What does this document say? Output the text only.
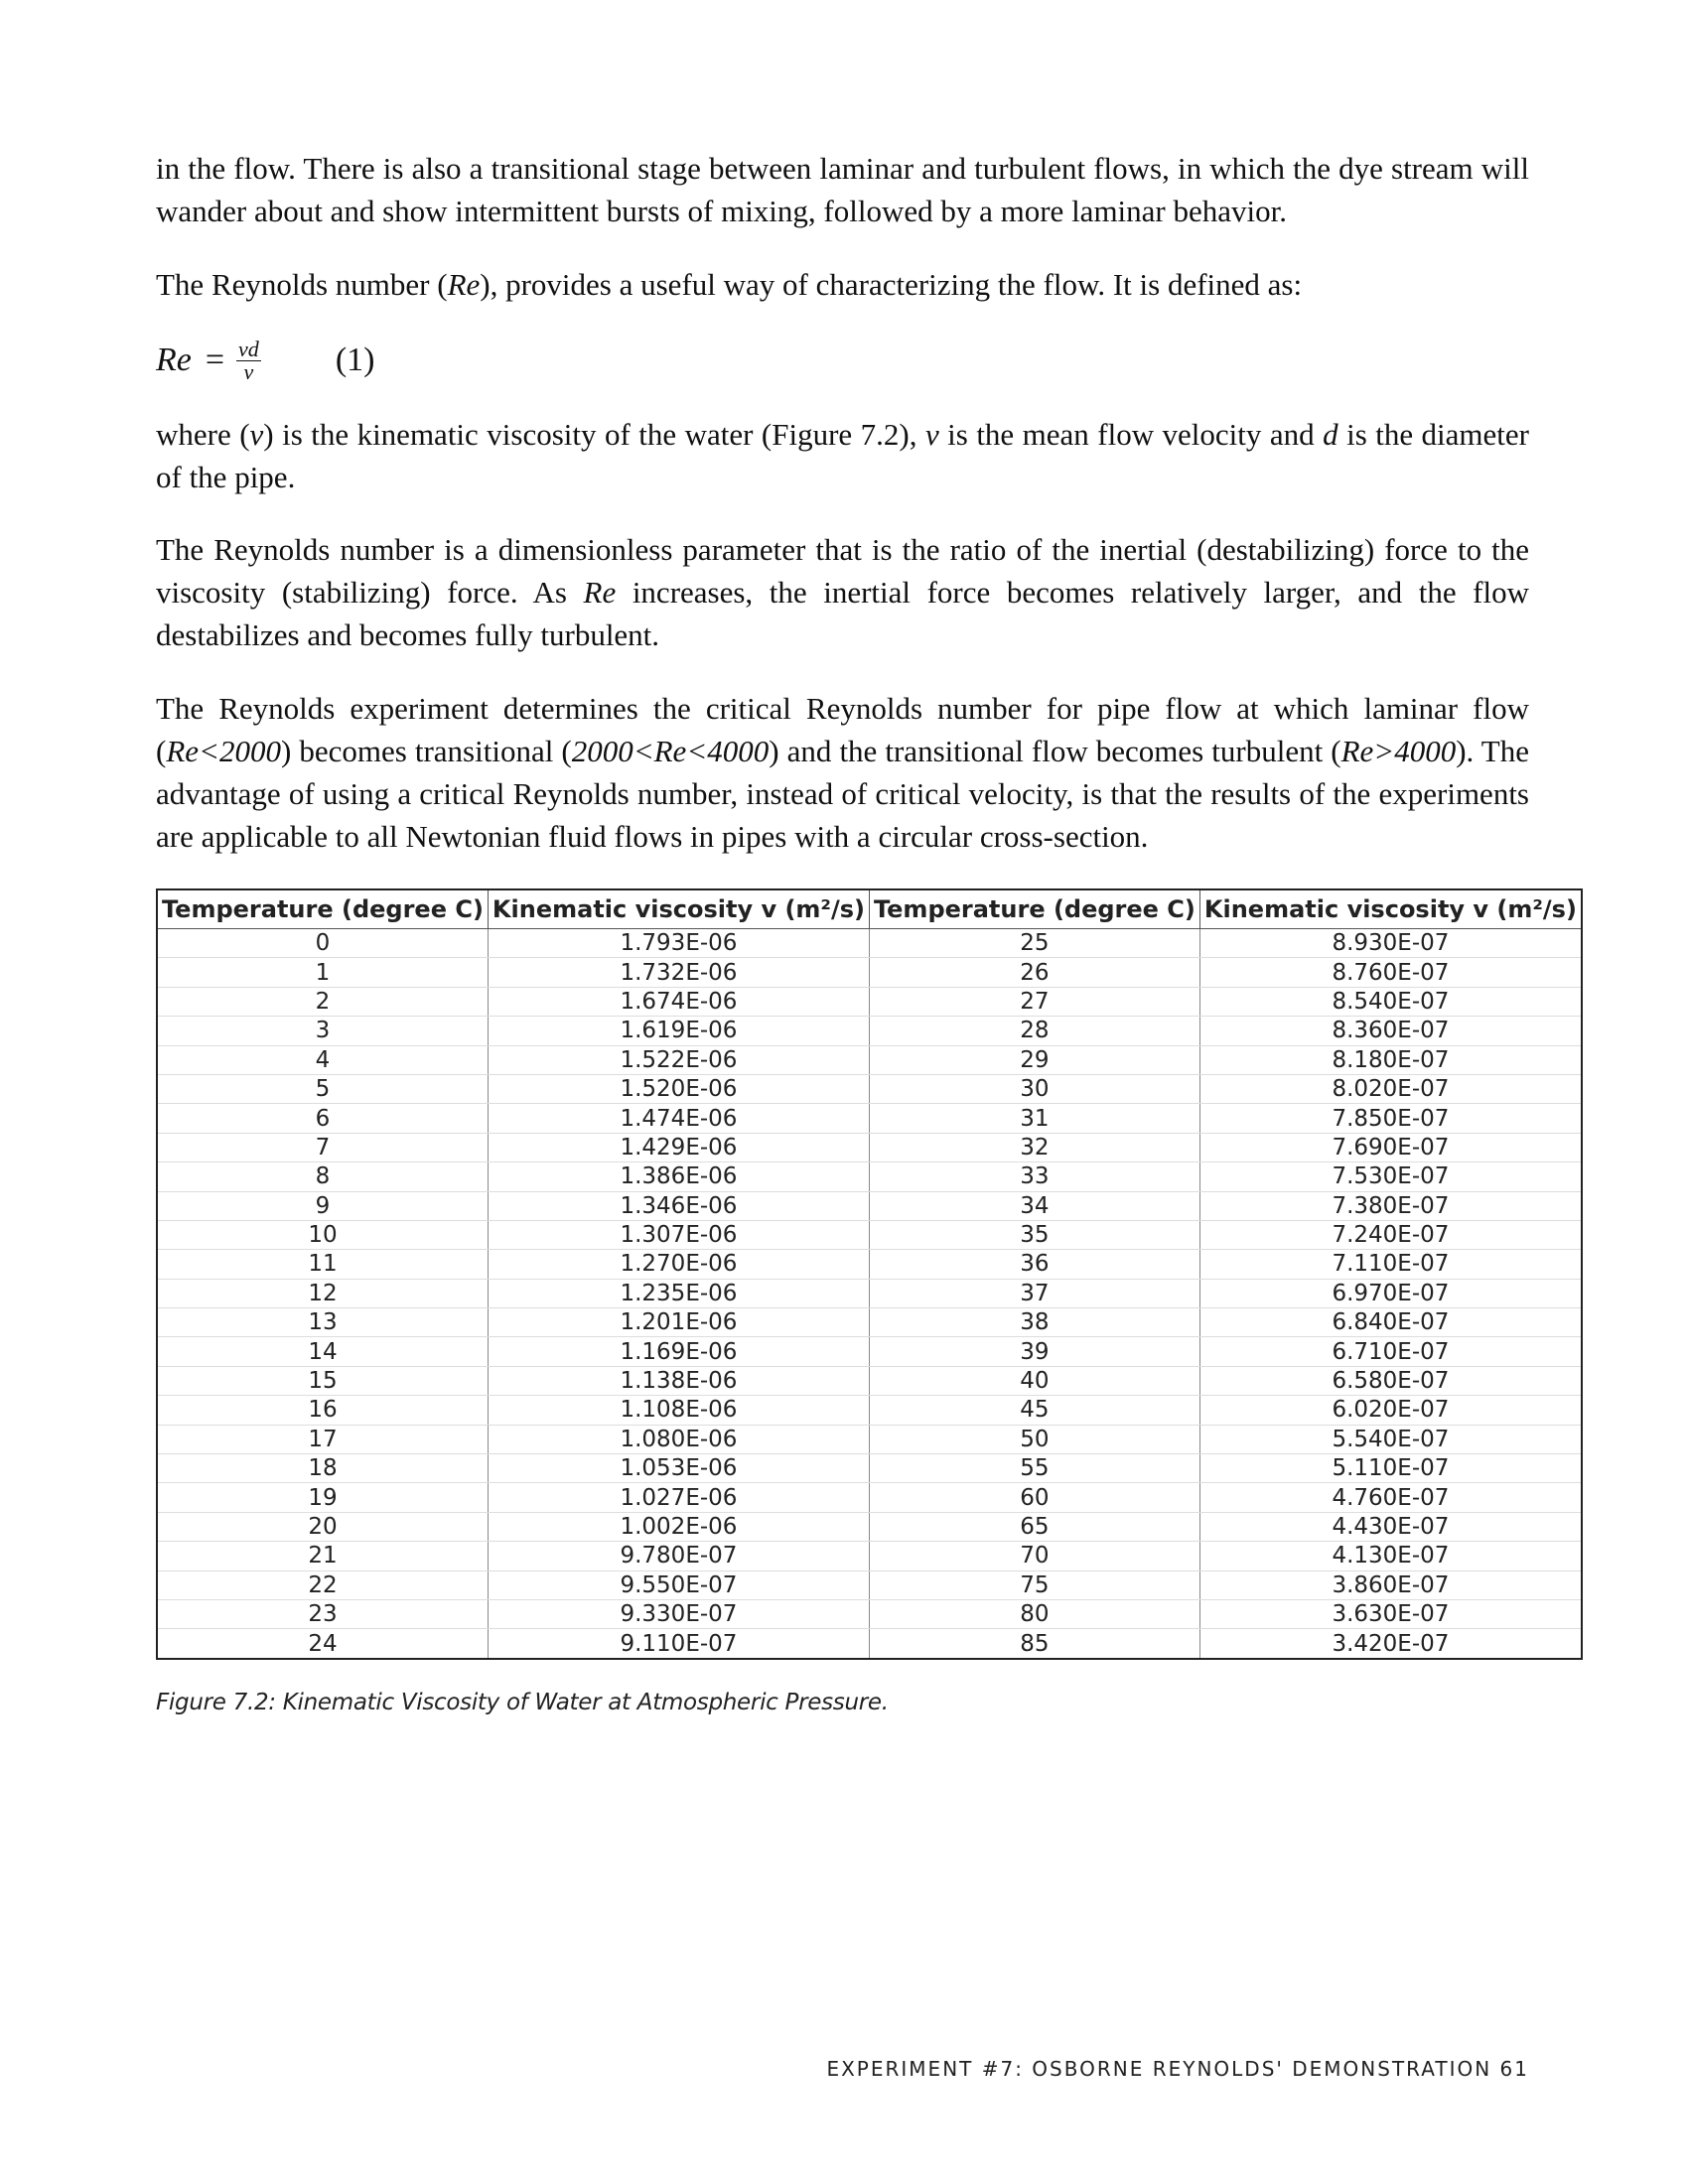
in the flow. There is also a transitional stage between laminar and turbulent flows, in which the dye stream will wander about and show intermittent bursts of mixing, followed by a more laminar behavior.

The Reynolds number (Re), provides a useful way of characterizing the flow. It is defined as:

$Re = \frac{vd}{\nu} (1)$

where (ν) is the kinematic viscosity of the water (Figure 7.2), v is the mean flow velocity and d is the diameter of the pipe.

The Reynolds number is a dimensionless parameter that is the ratio of the inertial (destabilizing) force to the viscosity (stabilizing) force. As Re increases, the inertial force becomes relatively larger, and the flow destabilizes and becomes fully turbulent.

The Reynolds experiment determines the critical Reynolds number for pipe flow at which laminar flow (Re<2000) becomes transitional (2000<Re<4000) and the transitional flow becomes turbulent (Re>4000). The advantage of using a critical Reynolds number, instead of critical velocity, is that the results of the experiments are applicable to all Newtonian fluid flows in pipes with a circular cross-section.

Temperature (degree C)	Kinematic viscosity v (m²/s)	Temperature (degree C)	Kinematic viscosity v (m²/s)
0	1.793E-06	25	8.930E-07
1	1.732E-06	26	8.760E-07
2	1.674E-06	27	8.540E-07
3	1.619E-06	28	8.360E-07
4	1.522E-06	29	8.180E-07
5	1.520E-06	30	8.020E-07
6	1.474E-06	31	7.850E-07
7	1.429E-06	32	7.690E-07
8	1.386E-06	33	7.530E-07
9	1.346E-06	34	7.380E-07
10	1.307E-06	35	7.240E-07
11	1.270E-06	36	7.110E-07
12	1.235E-06	37	6.970E-07
13	1.201E-06	38	6.840E-07
14	1.169E-06	39	6.710E-07
15	1.138E-06	40	6.580E-07
16	1.108E-06	45	6.020E-07
17	1.080E-06	50	5.540E-07
18	1.053E-06	55	5.110E-07
19	1.027E-06	60	4.760E-07
20	1.002E-06	65	4.430E-07
21	9.780E-07	70	4.130E-07
22	9.550E-07	75	3.860E-07
23	9.330E-07	80	3.630E-07
24	9.110E-07	85	3.420E-07
Figure 7.2: Kinematic Viscosity of Water at Atmospheric Pressure.
EXPERIMENT #7: OSBORNE REYNOLDS' DEMONSTRATION 61
